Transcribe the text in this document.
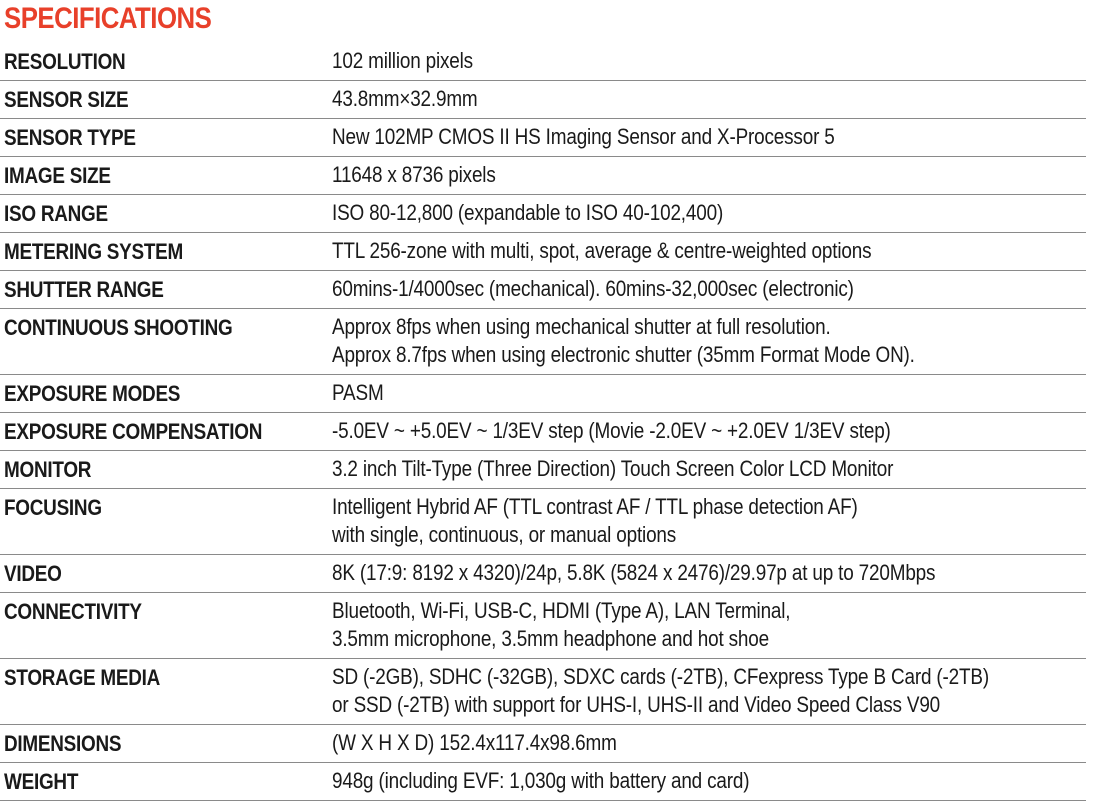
SPECIFICATIONS
RESOLUTION	102 million pixels
SENSOR SIZE	43.8mm×32.9mm
SENSOR TYPE	New 102MP CMOS II HS Imaging Sensor and X-Processor 5
IMAGE SIZE	11648 x 8736 pixels
ISO RANGE	ISO 80-12,800 (expandable to ISO 40-102,400)
METERING SYSTEM	TTL 256-zone with multi, spot, average & centre-weighted options
SHUTTER RANGE	60mins-1/4000sec (mechanical). 60mins-32,000sec (electronic)
CONTINUOUS SHOOTING	Approx 8fps when using mechanical shutter at full resolution.
Approx 8.7fps when using electronic shutter (35mm Format Mode ON).
EXPOSURE MODES	PASM
EXPOSURE COMPENSATION	-5.0EV ~ +5.0EV ~ 1/3EV step (Movie -2.0EV ~ +2.0EV 1/3EV step)
MONITOR	3.2 inch Tilt-Type (Three Direction) Touch Screen Color LCD Monitor
FOCUSING	Intelligent Hybrid AF (TTL contrast AF / TTL phase detection AF)
with single, continuous, or manual options
VIDEO	8K (17:9: 8192 x 4320)/24p, 5.8K (5824 x 2476)/29.97p at up to 720Mbps
CONNECTIVITY	Bluetooth, Wi-Fi, USB-C, HDMI (Type A), LAN Terminal,
3.5mm microphone, 3.5mm headphone and hot shoe
STORAGE MEDIA	SD (-2GB), SDHC (-32GB), SDXC cards (-2TB), CFexpress Type B Card (-2TB)
or SSD (-2TB) with support for UHS-I, UHS-II and Video Speed Class V90
DIMENSIONS	(W X H X D) 152.4x117.4x98.6mm
WEIGHT	948g (including EVF: 1,030g with battery and card)
